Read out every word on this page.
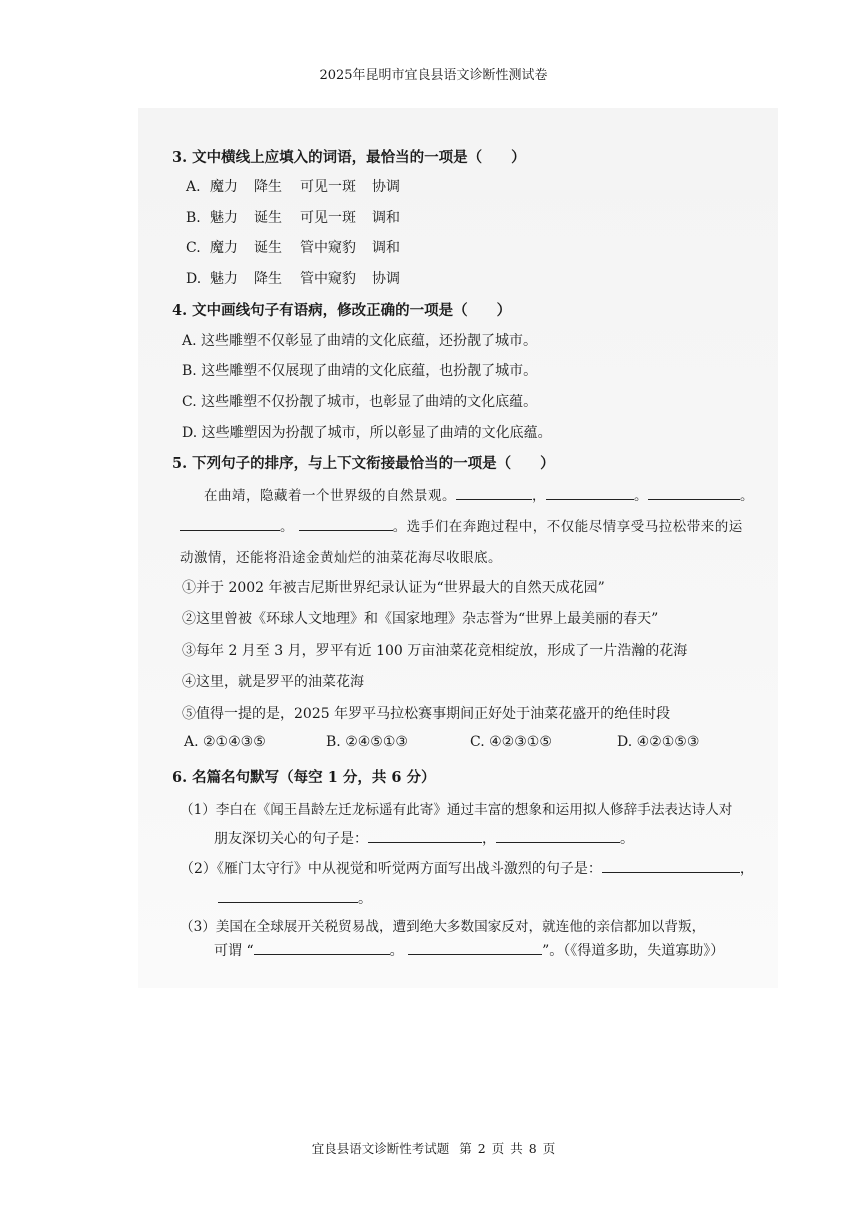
2025年昆明市宜良县语文诊断性测试卷
3. 文中横线上应填入的词语，最恰当的一项是（　　）
A. 魔力 降生 可见一斑 协调
B. 魅力 诞生 可见一斑 调和
C. 魔力 诞生 管中窥豹 调和
D. 魅力 降生 管中窥豹 协调
4. 文中画线句子有语病，修改正确的一项是（　　）
A. 这些雕塑不仅彰显了曲靖的文化底蕴，还扮靓了城市。
B. 这些雕塑不仅展现了曲靖的文化底蕴，也扮靓了城市。
C. 这些雕塑不仅扮靓了城市，也彰显了曲靖的文化底蕴。
D. 这些雕塑因为扮靓了城市，所以彰显了曲靖的文化底蕴。
5. 下列句子的排序，与上下文衔接最恰当的一项是（　　）
在曲靖，隐藏着一个世界级的自然景观。	，	。	。
。	。选手们在奔跑过程中，不仅能尽情享受马拉松带来的运
动激情，还能将沿途金黄灿烂的油菜花海尽收眼底。
①并于 2002 年被吉尼斯世界纪录认证为“世界最大的自然天成花园”
②这里曾被《环球人文地理》和《国家地理》杂志誉为“世界上最美丽的春天”
③每年 2 月至 3 月，罗平有近 100 万亩油菜花竞相绽放，形成了一片浩瀚的花海
④这里，就是罗平的油菜花海
⑤值得一提的是，2025 年罗平马拉松赛事期间正好处于油菜花盛开的绝佳时段
A. ②①④③⑤	B. ②④⑤①③	C. ④②③①⑤	D. ④②①⑤③
6. 名篇名句默写（每空 1 分，共 6 分）
（1）李白在《闻王昌龄左迁龙标遥有此寄》通过丰富的想象和运用拟人修辞手法表达诗人对
朋友深切关心的句子是：	，	。
（2）《雁门太守行》中从视觉和听觉两方面写出战斗激烈的句子是：	，
。
（3）美国在全球展开关税贸易战，遭到绝大多数国家反对，就连他的亲信都加以背叛，
可谓 “	。	”。（《得道多助，失道寡助》）
宜良县语文诊断性考试题 第 2 页 共 8 页
